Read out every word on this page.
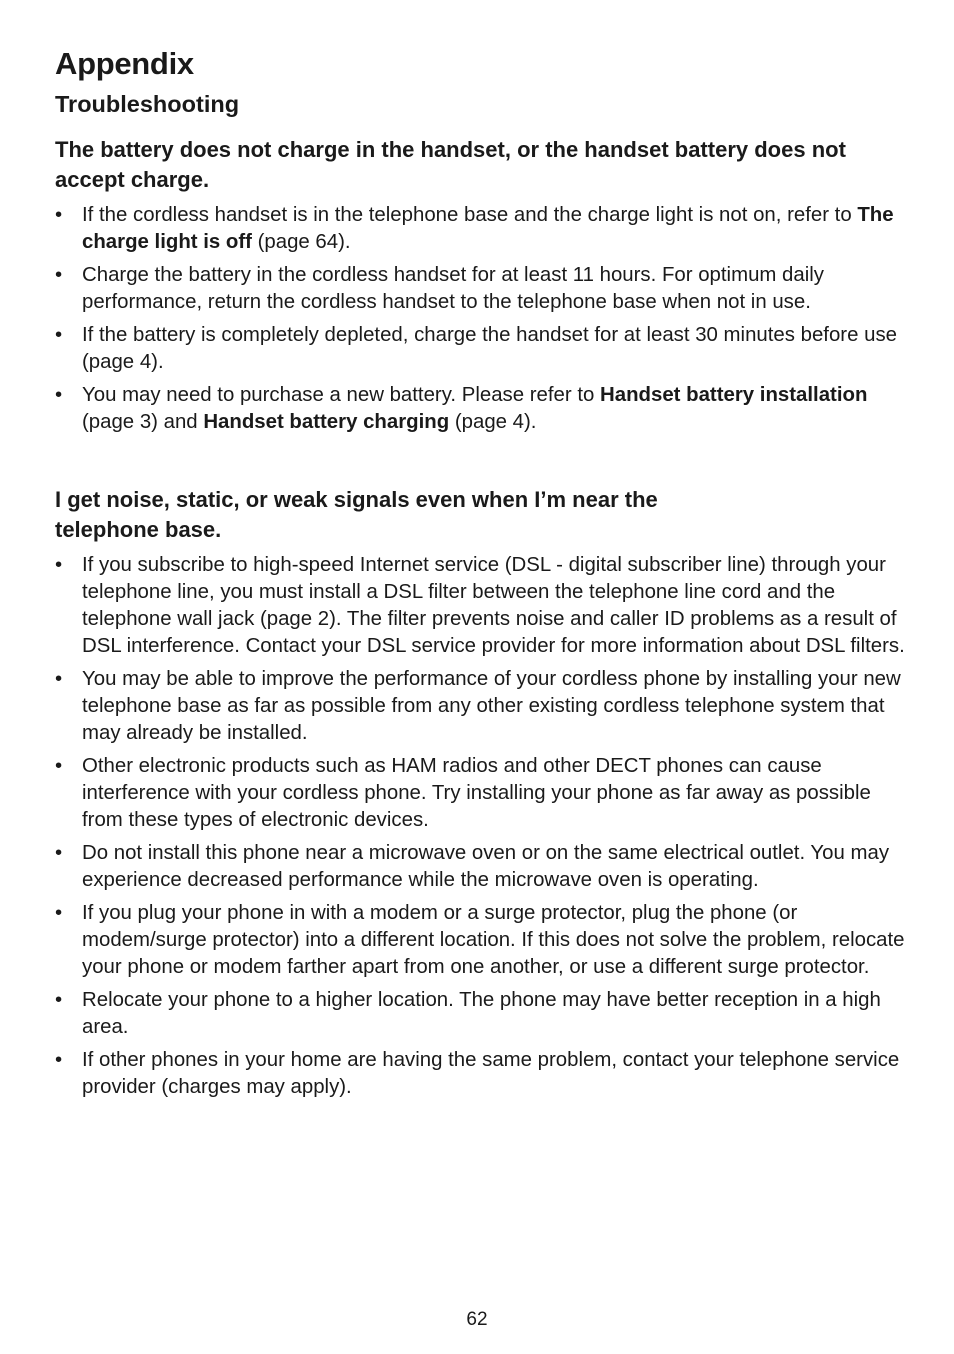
Appendix
Troubleshooting

The battery does not charge in the handset, or the handset battery does not accept charge.

• If the cordless handset is in the telephone base and the charge light is not on, refer to The charge light is off (page 64).
• Charge the battery in the cordless handset for at least 11 hours. For optimum daily performance, return the cordless handset to the telephone base when not in use.
• If the battery is completely depleted, charge the handset for at least 30 minutes before use (page 4).
• You may need to purchase a new battery. Please refer to Handset battery installation (page 3) and Handset battery charging (page 4).

I get noise, static, or weak signals even when I’m near the telephone base.

• If you subscribe to high-speed Internet service (DSL - digital subscriber line) through your telephone line, you must install a DSL filter between the telephone line cord and the telephone wall jack (page 2). The filter prevents noise and caller ID problems as a result of DSL interference. Contact your DSL service provider for more information about DSL filters.
• You may be able to improve the performance of your cordless phone by installing your new telephone base as far as possible from any other existing cordless telephone system that may already be installed.
• Other electronic products such as HAM radios and other DECT phones can cause interference with your cordless phone. Try installing your phone as far away as possible from these types of electronic devices.
• Do not install this phone near a microwave oven or on the same electrical outlet. You may experience decreased performance while the microwave oven is operating.
• If you plug your phone in with a modem or a surge protector, plug the phone (or modem/surge protector) into a different location. If this does not solve the problem, relocate your phone or modem farther apart from one another, or use a different surge protector.
• Relocate your phone to a higher location. The phone may have better reception in a high area.
• If other phones in your home are having the same problem, contact your telephone service provider (charges may apply).
62
